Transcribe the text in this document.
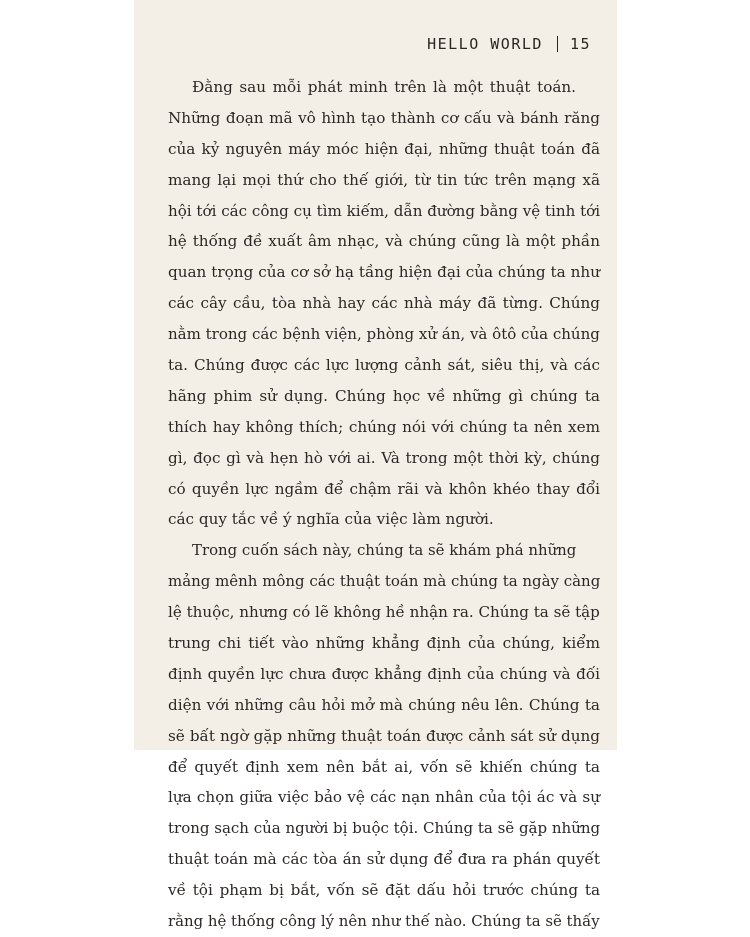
HELLO WORLD 15
Đằng sau mỗi phát minh trên là một thuật toán.
Những đoạn mã vô hình tạo thành cơ cấu và bánh răng
của kỷ nguyên máy móc hiện đại, những thuật toán đã
mang lại mọi thứ cho thế giới, từ tin tức trên mạng xã
hội tới các công cụ tìm kiếm, dẫn đường bằng vệ tinh tới
hệ thống đề xuất âm nhạc, và chúng cũng là một phần
quan trọng của cơ sở hạ tầng hiện đại của chúng ta như
các cây cầu, tòa nhà hay các nhà máy đã từng. Chúng
nằm trong các bệnh viện, phòng xử án, và ôtô của chúng
ta. Chúng được các lực lượng cảnh sát, siêu thị, và các
hãng phim sử dụng. Chúng học về những gì chúng ta
thích hay không thích; chúng nói với chúng ta nên xem
gì, đọc gì và hẹn hò với ai. Và trong một thời kỳ, chúng
có quyền lực ngầm để chậm rãi và khôn khéo thay đổi
các quy tắc về ý nghĩa của việc làm người.
Trong cuốn sách này, chúng ta sẽ khám phá những
mảng mênh mông các thuật toán mà chúng ta ngày càng
lệ thuộc, nhưng có lẽ không hề nhận ra. Chúng ta sẽ tập
trung chi tiết vào những khẳng định của chúng, kiểm
định quyền lực chưa được khẳng định của chúng và đối
diện với những câu hỏi mở mà chúng nêu lên. Chúng ta
sẽ bất ngờ gặp những thuật toán được cảnh sát sử dụng
để quyết định xem nên bắt ai, vốn sẽ khiến chúng ta
lựa chọn giữa việc bảo vệ các nạn nhân của tội ác và sự
trong sạch của người bị buộc tội. Chúng ta sẽ gặp những
thuật toán mà các tòa án sử dụng để đưa ra phán quyết
về tội phạm bị bắt, vốn sẽ đặt dấu hỏi trước chúng ta
rằng hệ thống công lý nên như thế nào. Chúng ta sẽ thấy
